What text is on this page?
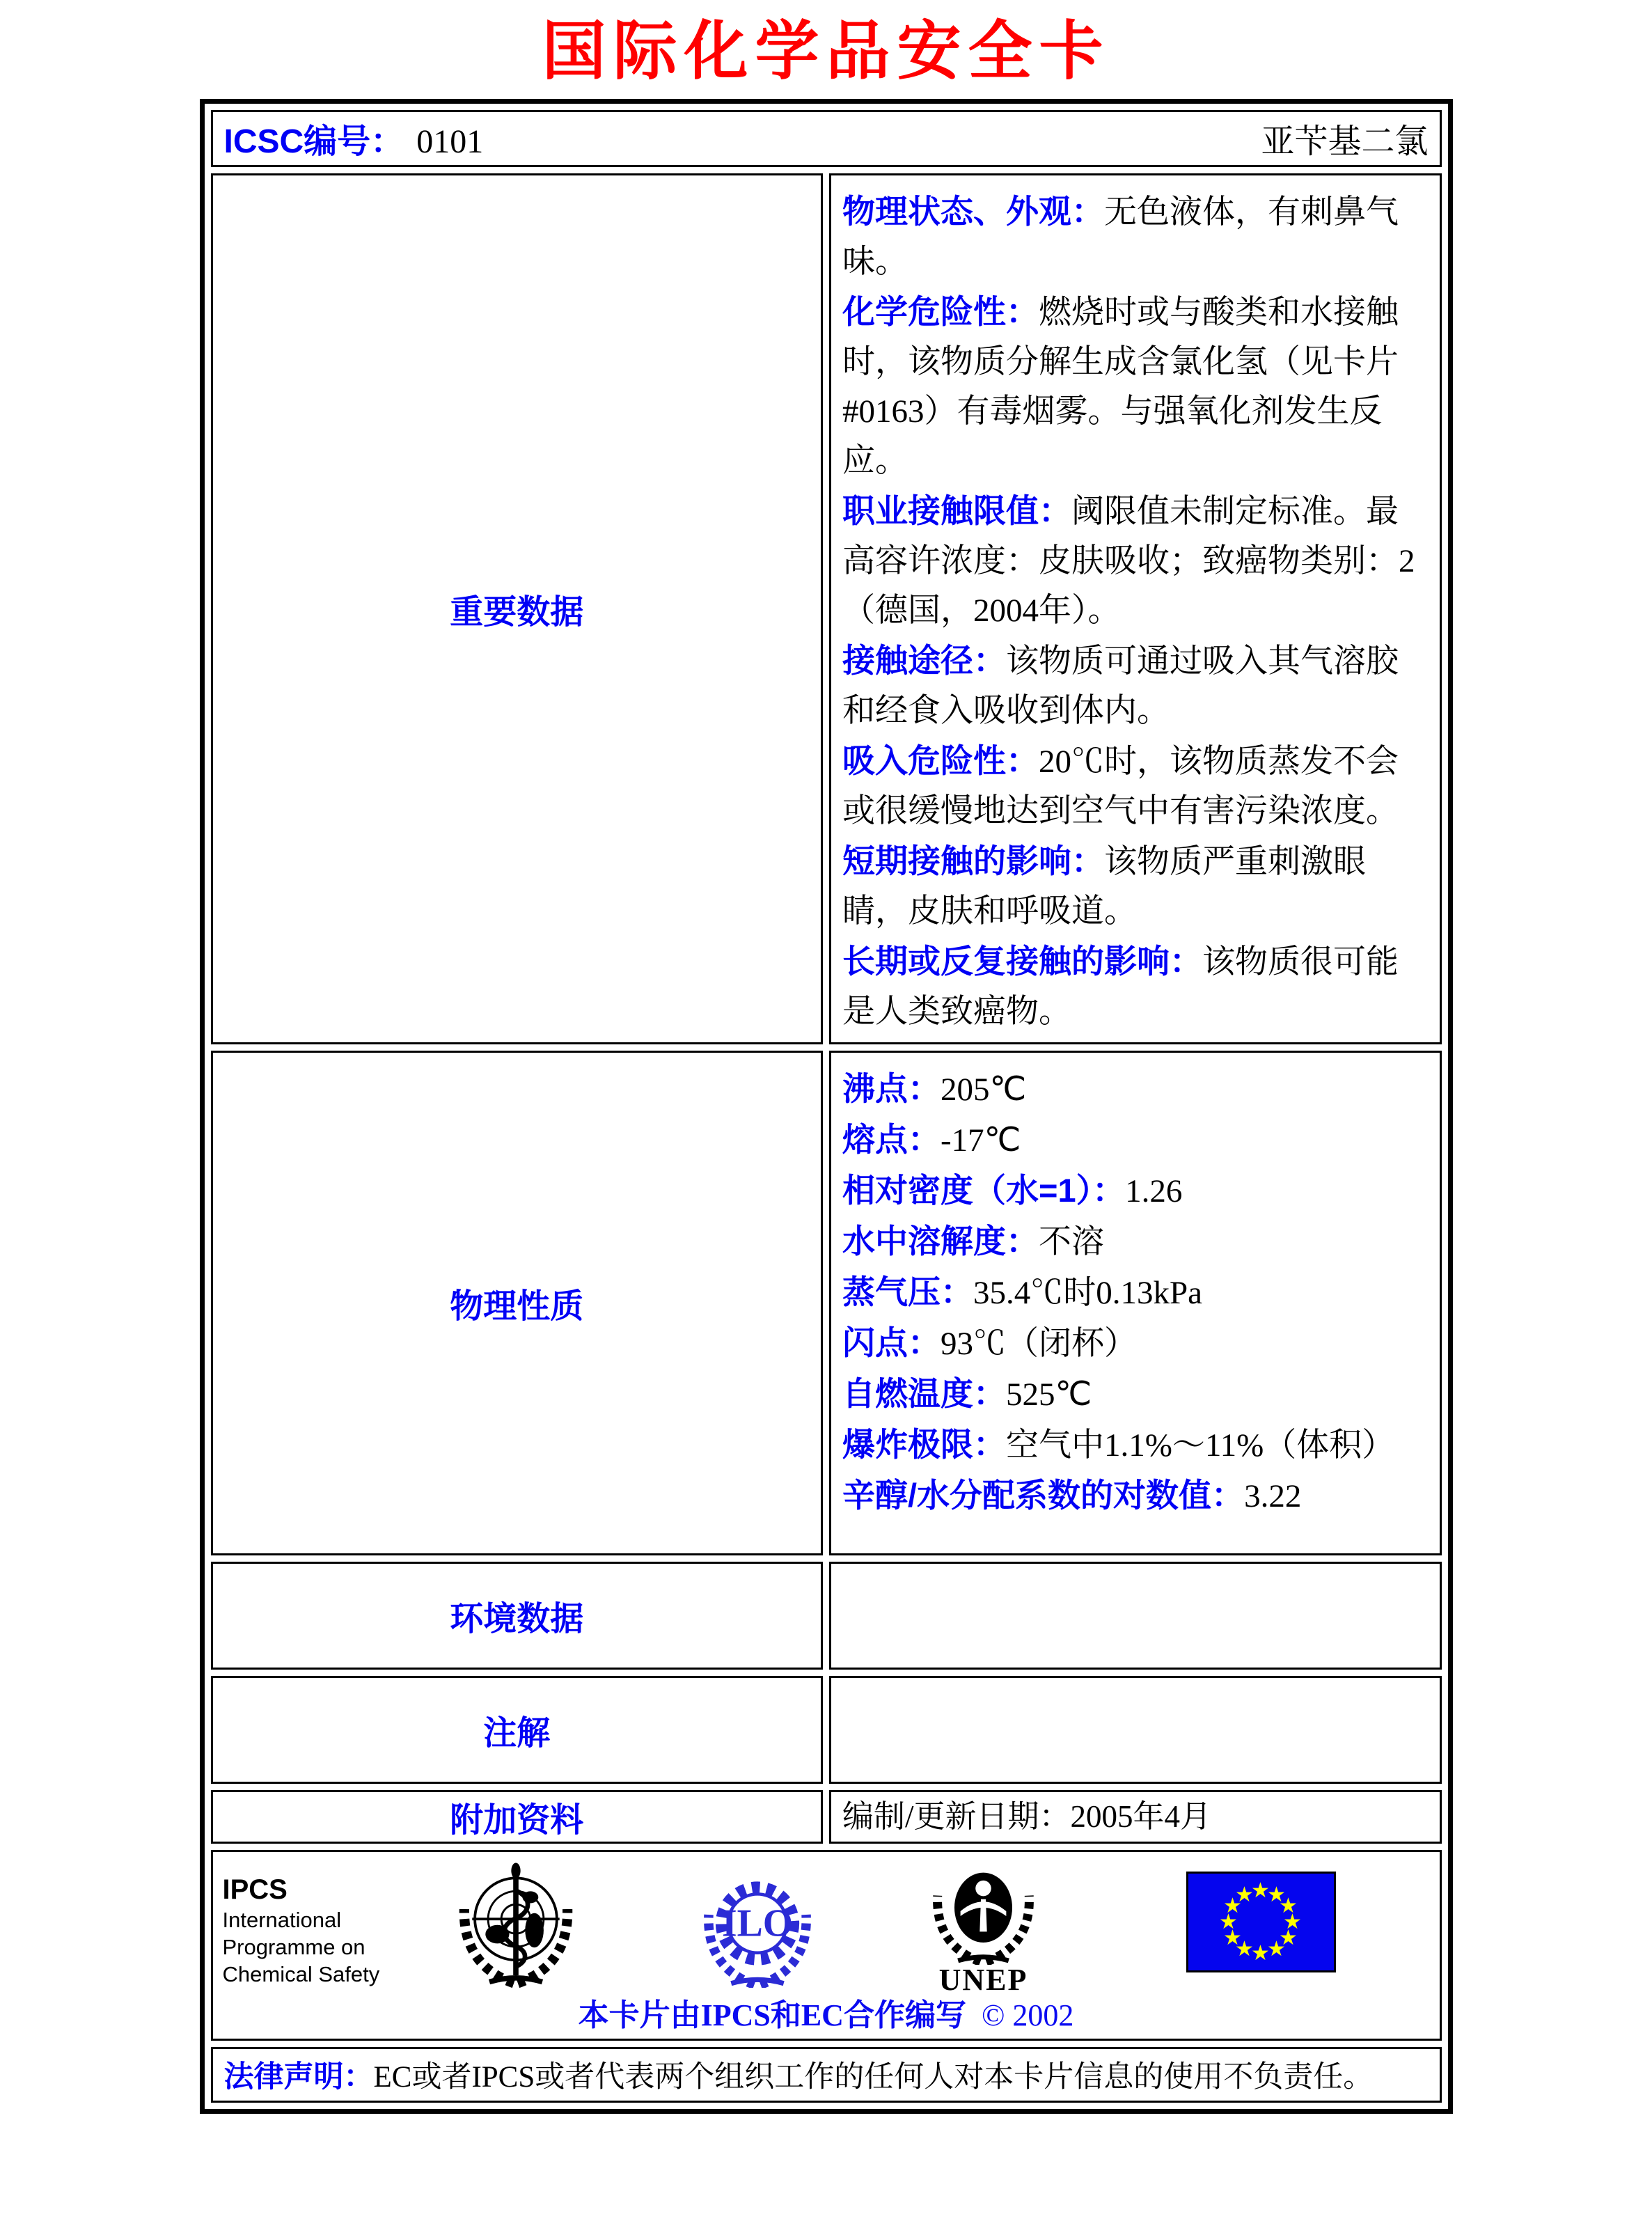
国际化学品安全卡
ICSC编号： 0101 亚苄基二氯	

重要数据	

物理状态、外观：无色液体，有刺鼻气味。

化学危险性：燃烧时或与酸类和水接触时，该物质分解生成含氯化氢（见卡片#0163）有毒烟雾。与强氧化剂发生反应。

职业接触限值：阈限值未制定标准。最高容许浓度：皮肤吸收；致癌物类别：2（德国，2004年）。

接触途径：该物质可通过吸入其气溶胶和经食入吸收到体内。

吸入危险性：20℃时，该物质蒸发不会或很缓慢地达到空气中有害污染浓度。

短期接触的影响：该物质严重刺激眼睛，皮肤和呼吸道。

长期或反复接触的影响：该物质很可能是人类致癌物。

物理性质	

沸点：205℃

熔点：-17℃

相对密度（水=1）：1.26

水中溶解度：不溶

蒸气压：35.4℃时0.13kPa

闪点：93℃（闭杯）

自燃温度：525℃

爆炸极限：空气中1.1%～11%（体积）

辛醇/水分配系数的对数值：3.22

环境数据	
注解	
附加资料	编制/更新日期：2005年4月

IPCS
International
Programme on
Chemical Safety
ILO
UNEP
★
★
★
★
★
★
★
★
★
★
★
★
本卡片由IPCS和EC合作编写 © 2002

法律声明：EC或者IPCS或者代表两个组织工作的任何人对本卡片信息的使用不负责任。	
